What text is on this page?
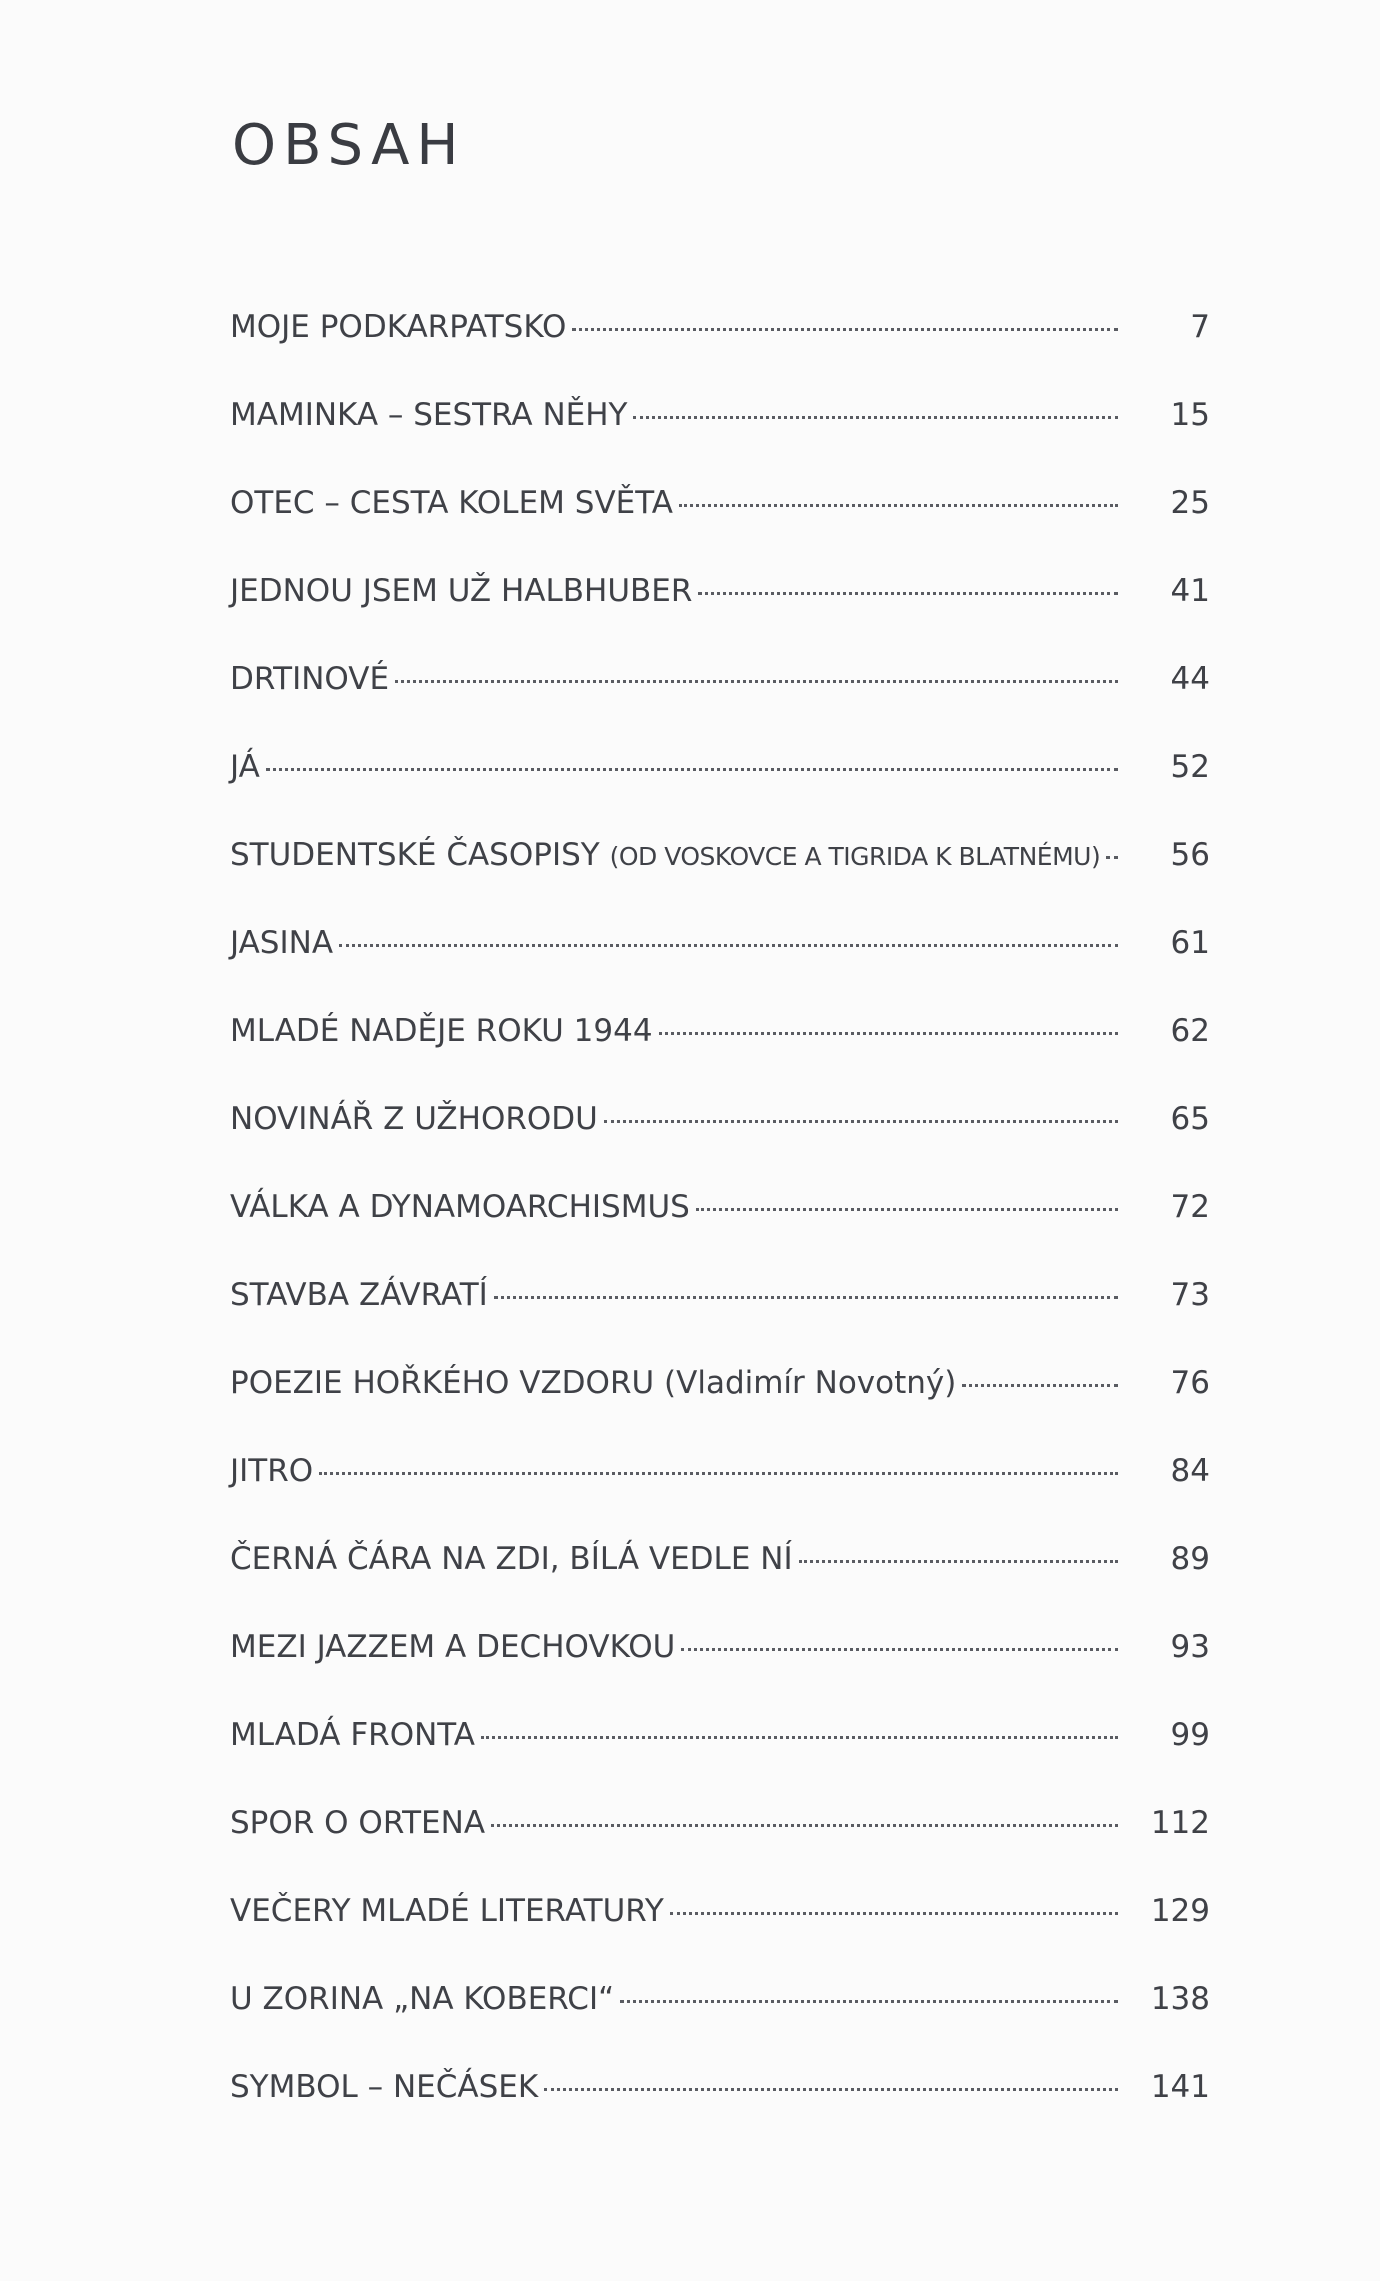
OBSAH
MOJE PODKARPATSKO	7
MAMINKA – SESTRA NĚHY	15
OTEC – CESTA KOLEM SVĚTA	25
JEDNOU JSEM UŽ HALBHUBER	41
DRTINOVÉ	44
JÁ	52
STUDENTSKÉ ČASOPISY (OD VOSKOVCE A TIGRIDA K BLATNÉMU)	56
JASINA	61
MLADÉ NADĚJE ROKU 1944	62
NOVINÁŘ Z UŽHORODU	65
VÁLKA A DYNAMOARCHISMUS	72
STAVBA ZÁVRATÍ	73
POEZIE HOŘKÉHO VZDORU (Vladimír Novotný)	76
JITRO	84
ČERNÁ ČÁRA NA ZDI, BÍLÁ VEDLE NÍ	89
MEZI JAZZEM A DECHOVKOU	93
MLADÁ FRONTA	99
SPOR O ORTENA	112
VEČERY MLADÉ LITERATURY	129
U ZORINA „NA KOBERCI“	138
SYMBOL – NEČÁSEK	141
